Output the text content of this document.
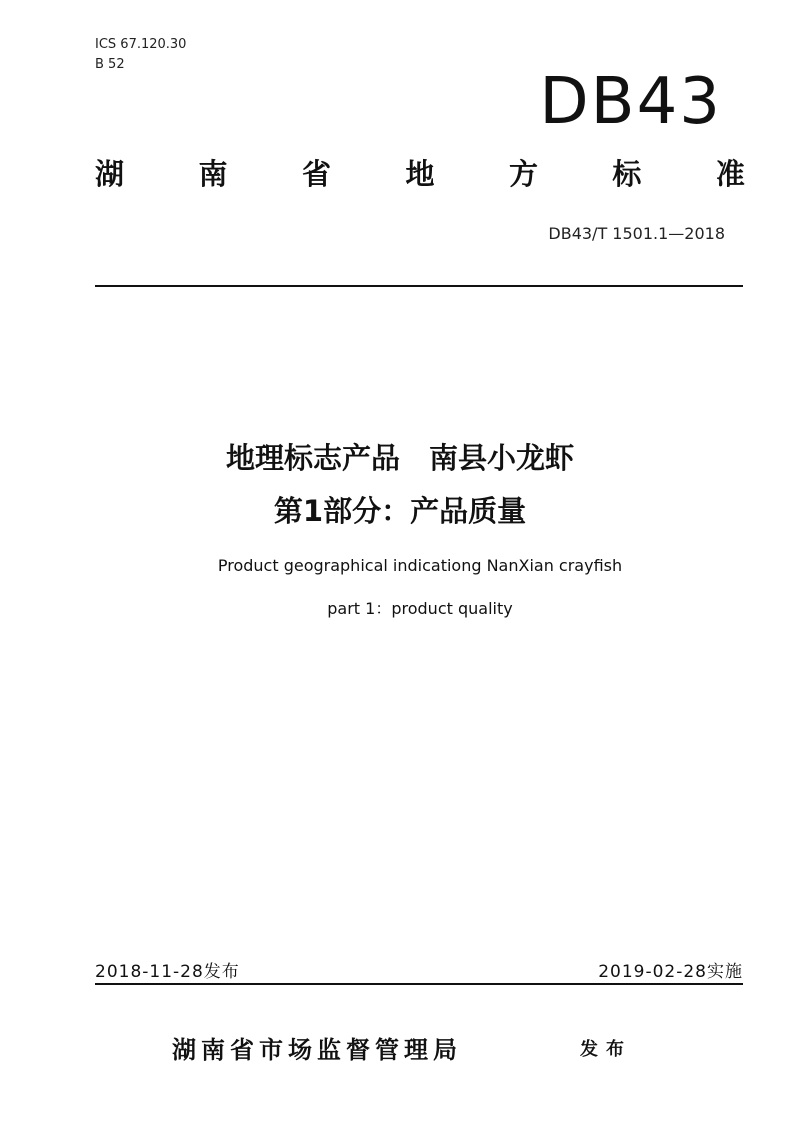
ICS 67.120.30
B 52
DB43
湖	南	省	地	方	标	准
DB43/T 1501.1—2018
地理标志产品　南县小龙虾
第1部分：产品质量
Product geographical indicationg NanXian crayfish
part 1：product quality
2018-11-28发布	2019-02-28实施
湖南省市场监督管理局	发布
